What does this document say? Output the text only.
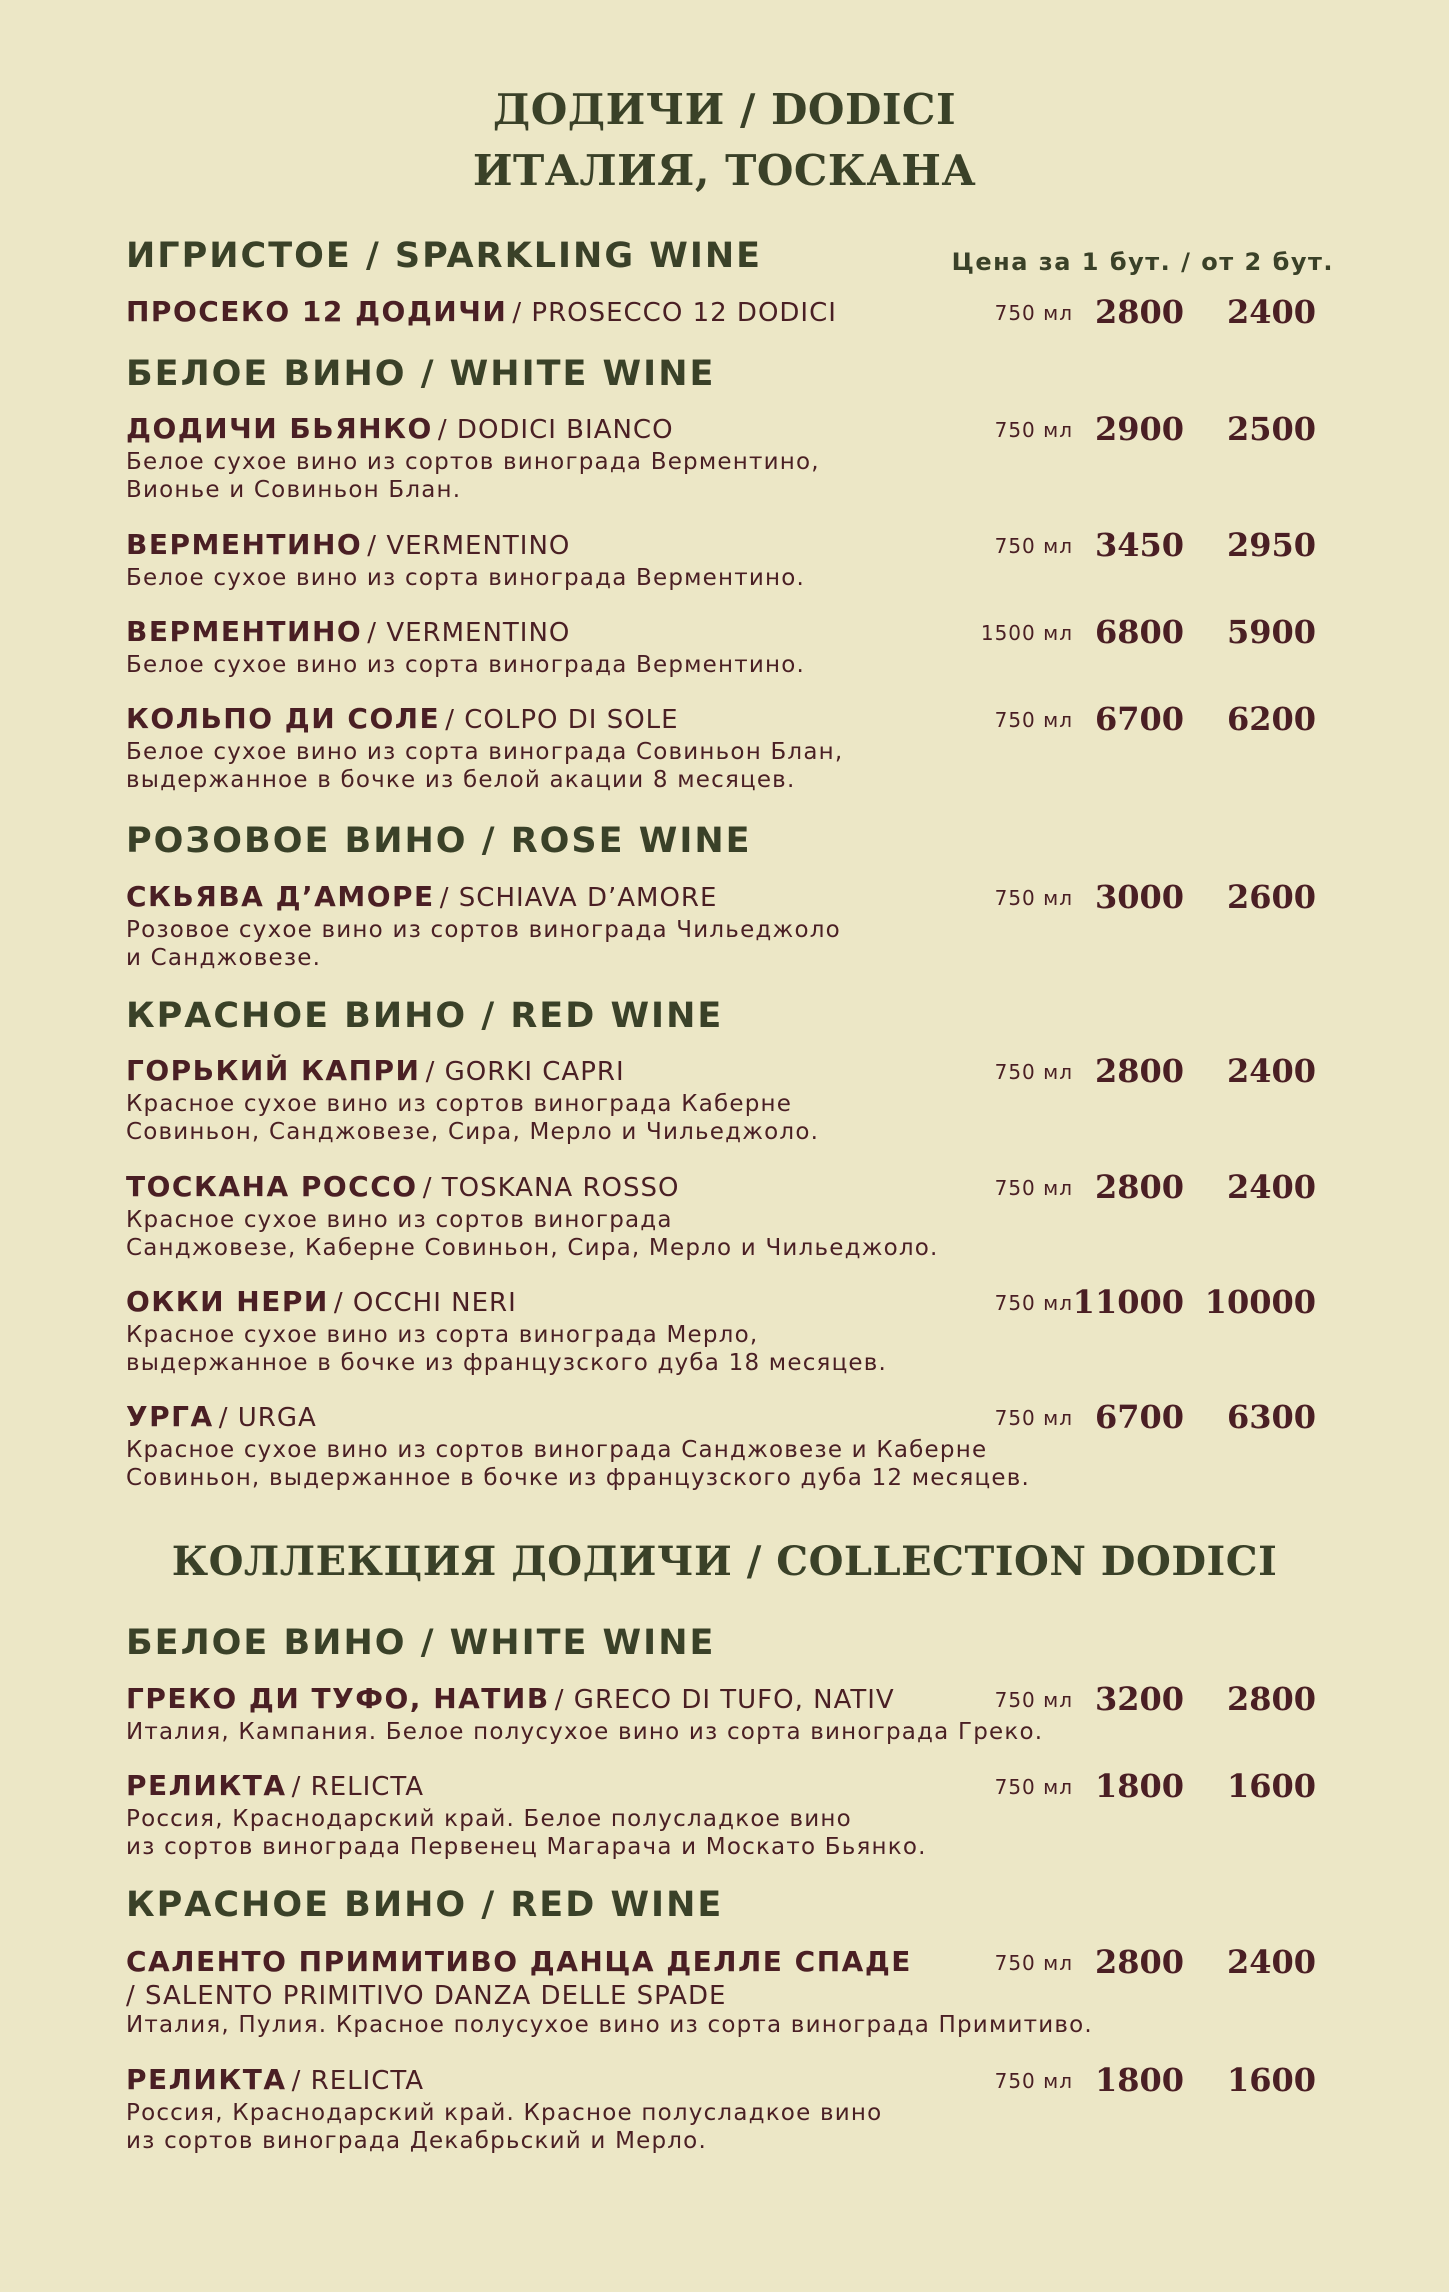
ДОДИЧИ / DODICI
ИТАЛИЯ, ТОСКАНА
ИГРИСТОЕ / SPARKLING WINE	Цена за 1 бут. / от 2 бут.
ПРОСЕКО 12 ДОДИЧИ / PROSECCO 12 DODICI	750 мл 2800 2400
БЕЛОЕ ВИНО / WHITE WINE
ДОДИЧИ БЬЯНКО / DODICI BIANCO	750 мл 2900 2500
Белое сухое вино из сортов винограда Верментино,
Вионье и Совиньон Блан.
ВЕРМЕНТИНО / VERMENTINO	750 мл 3450 2950
Белое сухое вино из сорта винограда Верментино.
ВЕРМЕНТИНО / VERMENTINO	1500 мл 6800 5900
Белое сухое вино из сорта винограда Верментино.
КОЛЬПО ДИ СОЛЕ / COLPO DI SOLE	750 мл 6700 6200
Белое сухое вино из сорта винограда Совиньон Блан,
выдержанное в бочке из белой акации 8 месяцев.
РОЗОВОЕ ВИНО / ROSE WINE
СКЬЯВА Д’АМОРЕ / SCHIAVA D’AMORE	750 мл 3000 2600
Розовое сухое вино из сортов винограда Чильеджоло
и Санджовезе.
КРАСНОЕ ВИНО / RED WINE
ГОРЬКИЙ КАПРИ / GORKI CAPRI	750 мл 2800 2400
Красное сухое вино из сортов винограда Каберне
Совиньон, Санджовезе, Сира, Мерло и Чильеджоло.
ТОСКАНА РОССО / TOSKANA ROSSO	750 мл 2800 2400
Красное сухое вино из сортов винограда
Санджовезе, Каберне Совиньон, Сира, Мерло и Чильеджоло.
ОККИ НЕРИ / OCCHI NERI	750 мл 11000 10000
Красное сухое вино из сорта винограда Мерло,
выдержанное в бочке из французского дуба 18 месяцев.
УРГА / URGA	750 мл 6700 6300
Красное сухое вино из сортов винограда Санджовезе и Каберне
Совиньон, выдержанное в бочке из французского дуба 12 месяцев.
КОЛЛЕКЦИЯ ДОДИЧИ / COLLECTION DODICI
БЕЛОЕ ВИНО / WHITE WINE
ГРЕКО ДИ ТУФО, НАТИВ / GRECO DI TUFO, NATIV	750 мл 3200 2800
Италия, Кампания. Белое полусухое вино из сорта винограда Греко.
РЕЛИКТА / RELICTA	750 мл 1800 1600
Россия, Краснодарский край. Белое полусладкое вино
из сортов винограда Первенец Магарача и Москато Бьянко.
КРАСНОЕ ВИНО / RED WINE
САЛЕНТО ПРИМИТИВО ДАНЦА ДЕЛЛЕ СПАДЕ	750 мл 2800 2400
/ SALENTO PRIMITIVO DANZA DELLE SPADE
Италия, Пулия. Красное полусухое вино из сорта винограда Примитиво.
РЕЛИКТА / RELICTA	750 мл 1800 1600
Россия, Краснодарский край. Красное полусладкое вино
из сортов винограда Декабрьский и Мерло.
